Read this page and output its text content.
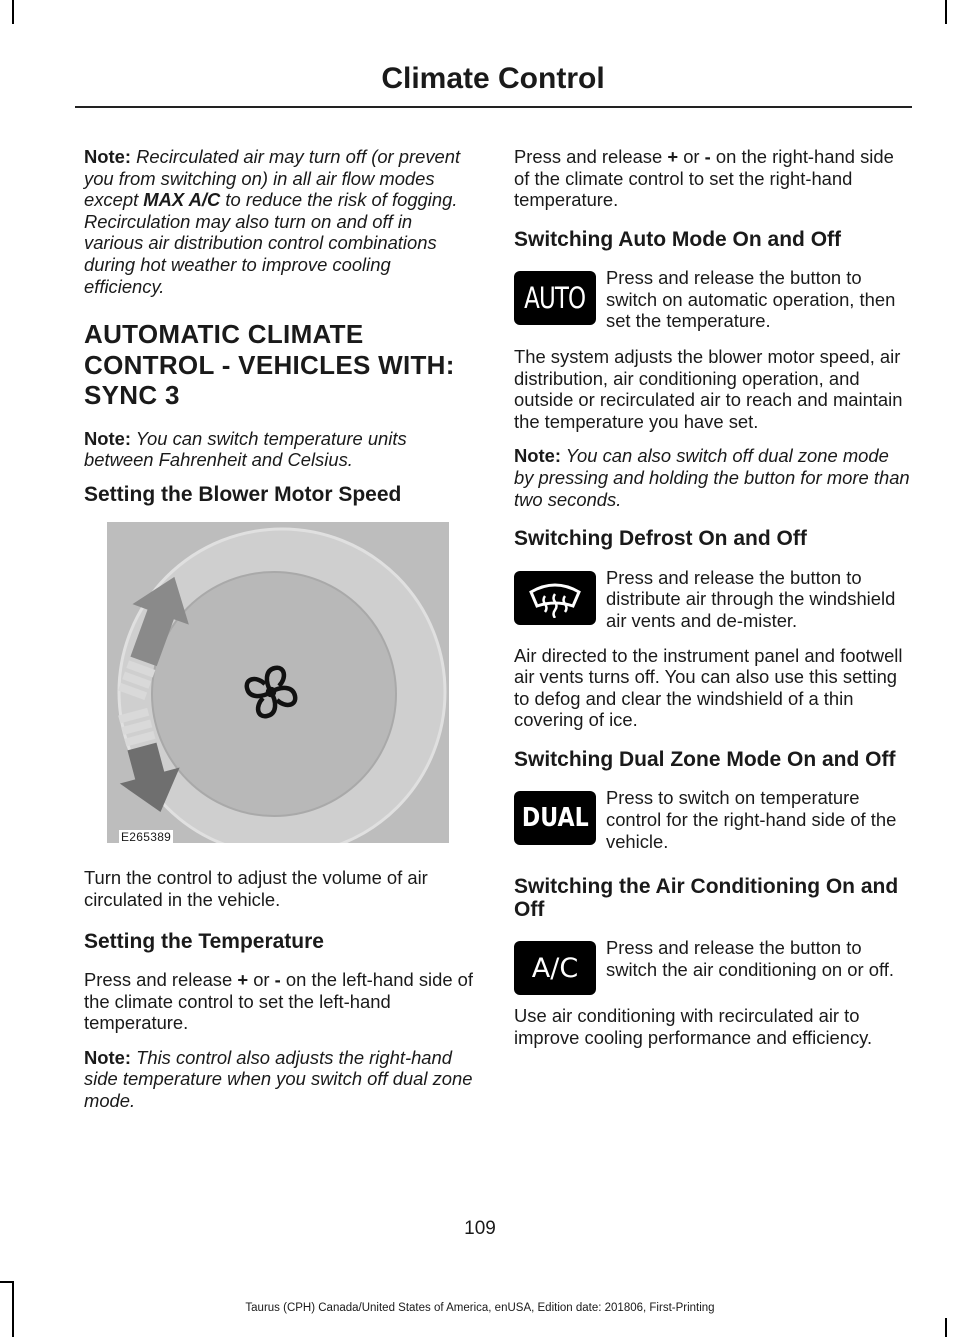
Climate Control

Note: Recirculated air may turn off (or prevent you from switching on) in all air flow modes except MAX A/C to reduce the risk of fogging. Recirculation may also turn on and off in various air distribution control combinations during hot weather to improve cooling efficiency.

AUTOMATIC CLIMATE
CONTROL - VEHICLES WITH:
SYNC 3

Note: You can switch temperature units between Fahrenheit and Celsius.

Setting the Blower Motor Speed
E265389

Turn the control to adjust the volume of air circulated in the vehicle.

Setting the Temperature

Press and release + or - on the left-hand side of the climate control to set the left-hand temperature.

Note: This control also adjusts the right-hand side temperature when you switch off dual zone mode.

Press and release + or - on the right-hand side of the climate control to set the right-hand temperature.

Switching Auto Mode On and Off
AUTO

Press and release the button to switch on automatic operation, then set the temperature.

The system adjusts the blower motor speed, air distribution, air conditioning operation, and outside or recirculated air to reach and maintain the temperature you have set.

Note: You can also switch off dual zone mode by pressing and holding the button for more than two seconds.

Switching Defrost On and Off

Press and release the button to distribute air through the windshield air vents and de-mister.

Air directed to the instrument panel and footwell air vents turns off. You can also use this setting to defog and clear the windshield of a thin covering of ice.

Switching Dual Zone Mode On and Off
DUAL

Press to switch on temperature control for the right-hand side of the vehicle.

Switching the Air Conditioning On and Off
A/C

Press and release the button to switch the air conditioning on or off.

Use air conditioning with recirculated air to improve cooling performance and efficiency.

109
Taurus (CPH) Canada/United States of America, enUSA, Edition date: 201806, First-Printing
